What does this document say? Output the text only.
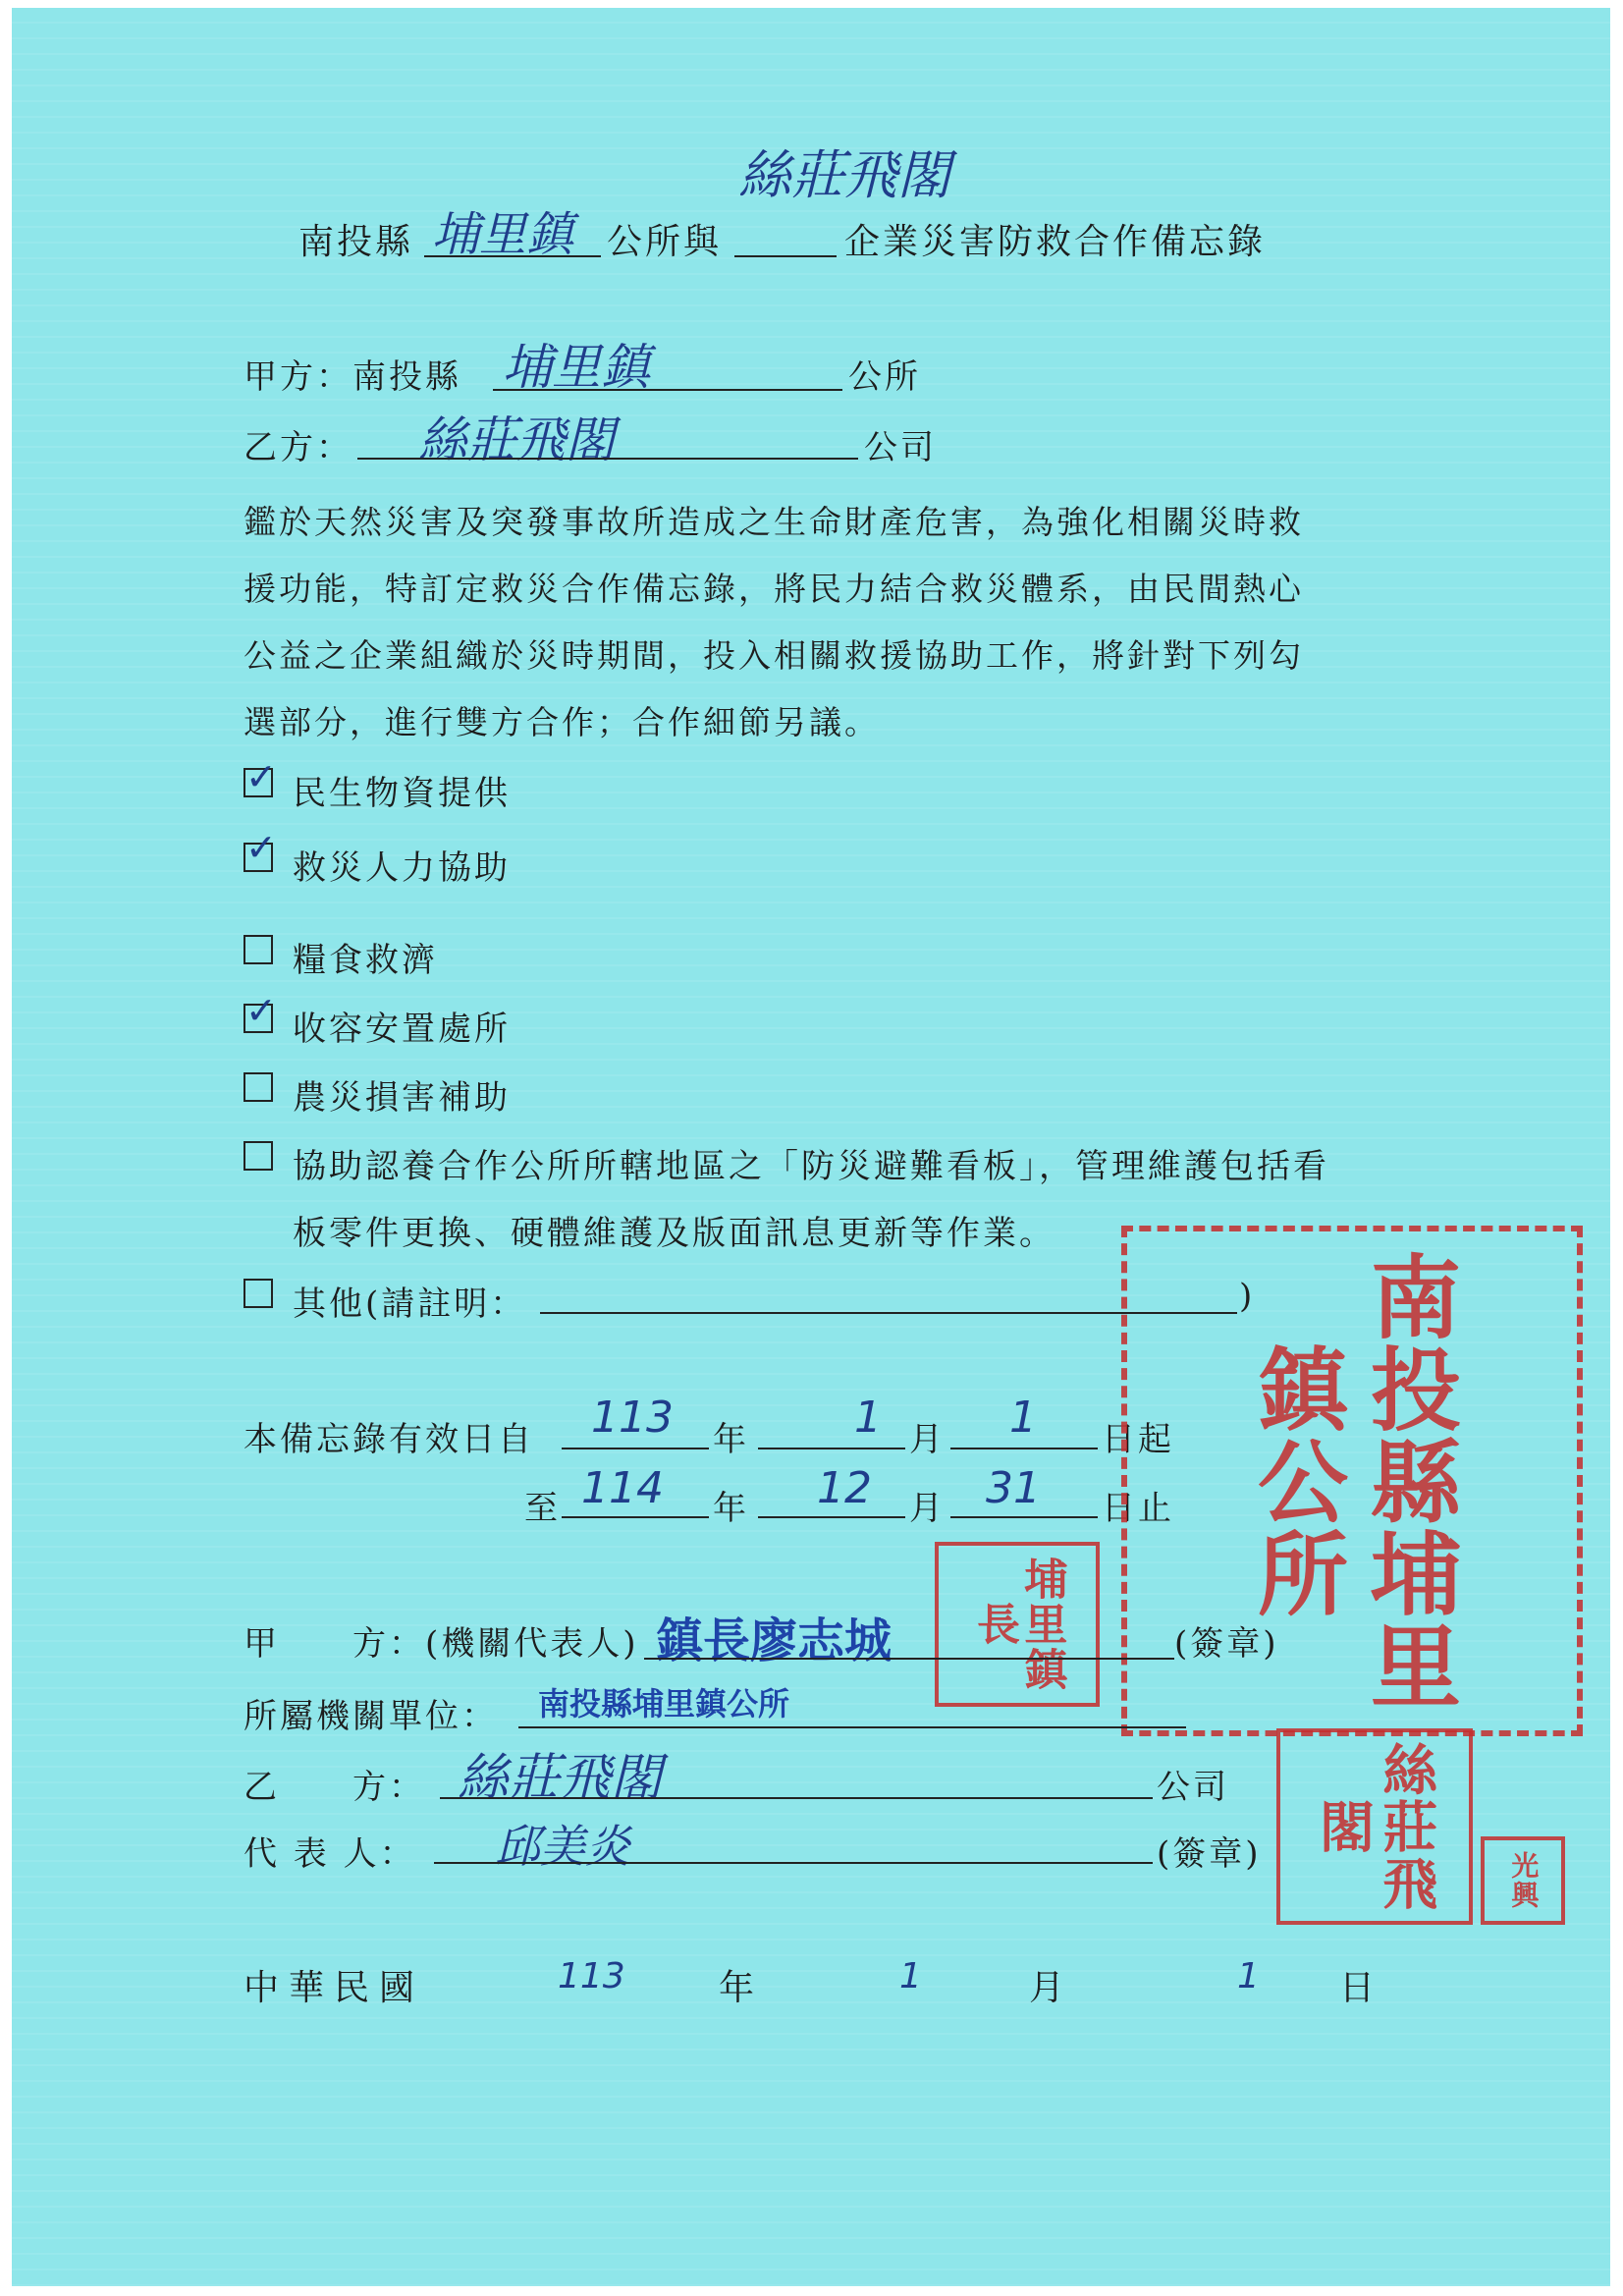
絲莊飛閣
南投縣 埔里鎮 公所與	企業災害防救合作備忘錄
甲方：南投縣 埔里鎮	公所
乙方： 絲莊飛閣	公司
鑑於天然災害及突發事故所造成之生命財產危害，為強化相關災時救
援功能，特訂定救災合作備忘錄，將民力結合救災體系，由民間熱心
公益之企業組織於災時期間，投入相關救援協助工作，將針對下列勾
選部分，進行雙方合作；合作細節另議。
✓ 民生物資提供
✓ 救災人力協助
糧食救濟
✓ 收容安置處所
農災損害補助
協助認養合作公所所轄地區之「防災避難看板」，管理維護包括看
板零件更換、硬體維護及版面訊息更新等作業。
其他(請註明：	)
本備忘錄有效日自 113 年 1 月 1 日起
至 114 年 12 月 31 日止	南投縣埔里鎮公所
埔里鎮長
甲　　方：(機關代表人) 鎮長廖志城	(簽章)
所屬機關單位： 南投縣埔里鎮公所
乙　　方： 絲莊飛閣	公司
代 表 人： 邱美炎	(簽章)	絲莊飛閣
光興
中華民國	113	年	1	月	1 日
